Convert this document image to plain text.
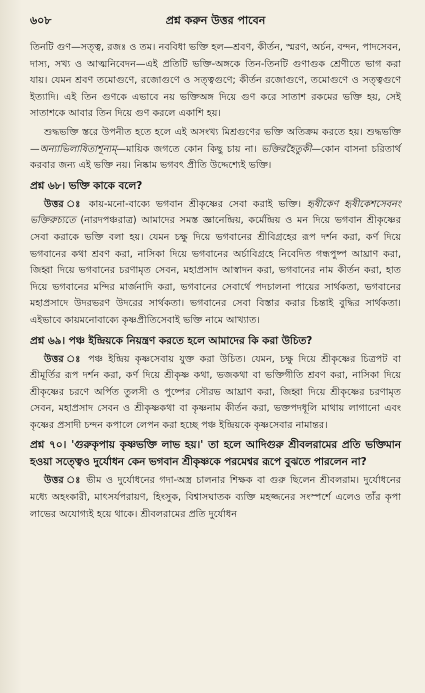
৬০৮	প্রশ্ন করুন উত্তর পাবেন

তিনটি গুণ—সত্ত্ব, রজঃ ও তম। নববিধা ভক্তি হল—শ্রবণ, কীর্তন, স্মরণ, অর্চন, বন্দন, পাদসেবন, দাস্য, সখ্য ও আত্মনিবেদন—এই প্রতিটি ভক্তি-অঙ্গকে তিন-তিনটি গুণাগুক শ্রেণীতে ভাগ করা যায়। যেমন শ্রবণ তমোগুণে, রজোগুণে ও সত্ত্বগুণে; কীর্তন রজোগুণে, তমোগুণে ও সত্ত্বগুণে ইত্যাদি। এই তিন গুণকে এভাবে নয় ভক্তিঅঙ্গ দিয়ে গুণ করে সাতাশ রকমের ভক্তি হয়, সেই সাতাশকে আবার তিন দিয়ে গুণ করলে একাশি হয়।

শুদ্ধভক্তি স্তরে উপনীত হতে হলে এই অসংখ্য মিশ্রগুণের ভক্তি অতিক্রম করতে হয়। শুদ্ধভক্তি—অন্যাভিলাষিতাশূন্যম্—মায়িক জগতে কোন কিছু চায় না। ভক্তিরহৈতুকী—কোন বাসনা চরিতার্থ করবার জন্য এই ভক্তি নয়। নিষ্কাম ভগবৎ প্রীতি উদ্দেশ্যেই ভক্তি।

প্রশ্ন ৬৮। ভক্তি কাকে বলে?

উত্তর ঃ কায়-মনো-বাক্যে ভগবান শ্রীকৃষ্ণের সেবা করাই ভক্তি। হৃষীকেণ হৃষীকেশসেবনং ভক্তিরুচ্যতে (নারদপঞ্চরাত্র) আমাদের সমস্ত জ্ঞানেন্দ্রিয়, কর্মেন্দ্রিয় ও মন দিয়ে ভগবান শ্রীকৃষ্ণের সেবা করাকে ভক্তি বলা হয়। যেমন চক্ষু দিয়ে ভগবানের শ্রীবিগ্রহের রূপ দর্শন করা, কর্ণ দিয়ে ভগবানের কথা শ্রবণ করা, নাসিকা দিয়ে ভগবানের অর্চাবিগ্রহে নিবেদিত গন্ধপুষ্প আঘ্রাণ করা, জিহ্বা দিয়ে ভগবানের চরণামৃত সেবন, মহাপ্রসাদ আস্বাদন করা, ভগবানের নাম কীর্তন করা, হাত দিয়ে ভগবানের মন্দির মার্জনাদি করা, ভগবানের সেবার্থে পদচালনা পায়ের সার্থকতা, ভগবানের মহাপ্রসাদে উদরভরণ উদরের সার্থকতা। ভগবানের সেবা বিস্তার করার চিন্তাই বুদ্ধির সার্থকতা। এইভাবে কায়মনোবাক্যে কৃষ্ণপ্রীতিসেবাই ভক্তি নামে আখ্যাত।

প্রশ্ন ৬৯। পঞ্চ ইন্দ্রিয়কে নিয়ন্ত্রণ করতে হলে আমাদের কি করা উচিত?

উত্তর ঃ পঞ্চ ইন্দ্রিয় কৃষ্ণসেবায় যুক্ত করা উচিত। যেমন, চক্ষু দিয়ে শ্রীকৃষ্ণের চিত্রপট বা শ্রীমূর্তির রূপ দর্শন করা, কর্ণ দিয়ে শ্রীকৃষ্ণ কথা, ভজকথা বা ভক্তিগীতি শ্রবণ করা, নাসিকা দিয়ে শ্রীকৃষ্ণের চরণে অর্পিত তুলসী ও পুষ্পের সৌরভ আঘ্রাণ করা, জিহ্বা দিয়ে শ্রীকৃষ্ণের চরণামৃত সেবন, মহাপ্রসাদ সেবন ও শ্রীকৃষ্ণকথা বা কৃষ্ণনাম কীর্তন করা, ভক্তপদধূলি মাথায় লাগানো এবং কৃষ্ণের প্রসাদী চন্দন কপালে লেপন করা হচ্ছে পঞ্চ ইন্দ্রিয়কে কৃষ্ণসেবার নামান্তর।

প্রশ্ন ৭০। 'গুরুকৃপায় কৃষ্ণভক্তি লাভ হয়।' তা হলে আদিগুরু শ্রীবলরামের প্রতি ভক্তিমান হওয়া সত্ত্বেও দুর্যোধন কেন ভগবান শ্রীকৃষ্ণকে পরমেশ্বর রূপে বুঝতে পারলেন না?

উত্তর ঃ ভীম ও দুর্যোধনের গদা-অস্ত্র চালনার শিক্ষক বা গুরু ছিলেন শ্রীবলরাম। দুর্যোধনের মধ্যে অহংকারী, মাৎসর্যপরায়ণ, হিংসুক, বিশ্বাসঘাতক ব্যক্তি মহজ্জনের সংস্পর্শে এলেও তাঁর কৃপা লাভের অযোগ্যই হয়ে থাকে। শ্রীবলরামের প্রতি দুর্যোধন
